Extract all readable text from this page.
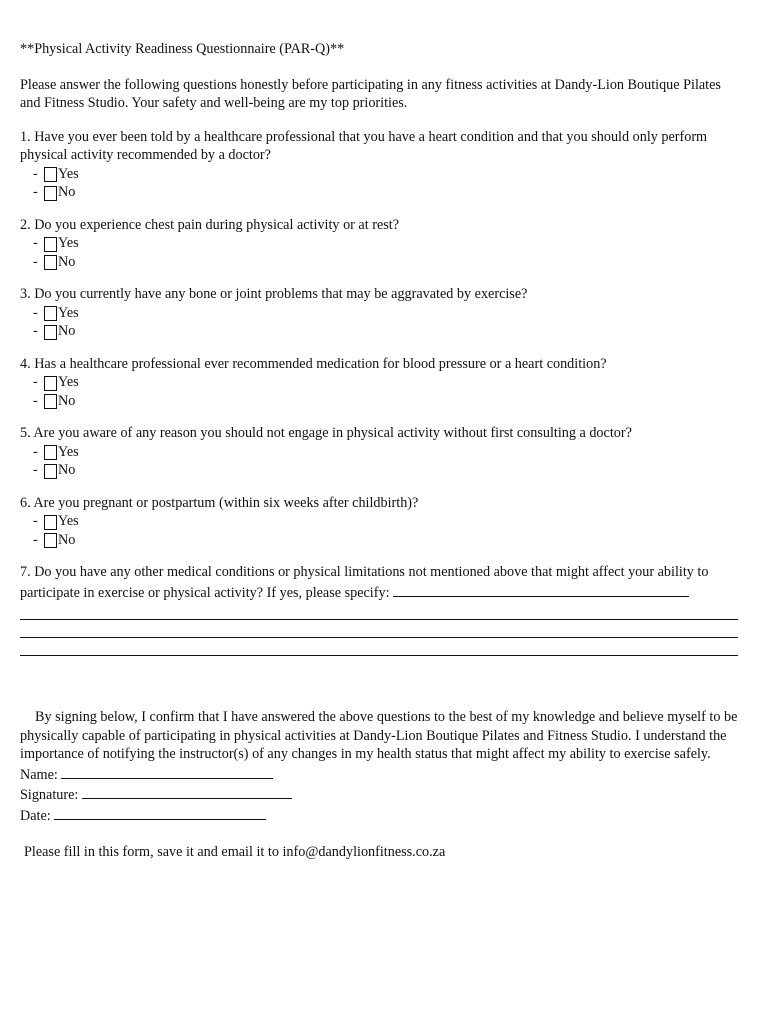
**Physical Activity Readiness Questionnaire (PAR-Q)**

Please answer the following questions honestly before participating in any fitness activities at Dandy-Lion Boutique Pilates and Fitness Studio. Your safety and well-being are my top priorities.

1. Have you ever been told by a healthcare professional that you have a heart condition and that you should only perform physical activity recommended by a doctor?

-	Yes
-	No

2. Do you experience chest pain during physical activity or at rest?

-	Yes
-	No

3. Do you currently have any bone or joint problems that may be aggravated by exercise?

-	Yes
-	No

4. Has a healthcare professional ever recommended medication for blood pressure or a heart condition?

-	Yes
-	No

5. Are you aware of any reason you should not engage in physical activity without first consulting a doctor?

-	Yes
-	No

6. Are you pregnant or postpartum (within six weeks after childbirth)?

-	Yes
-	No

7. Do you have any other medical conditions or physical limitations not mentioned above that might affect your ability to participate in exercise or physical activity? If yes, please specify:

By signing below, I confirm that I have answered the above questions to the best of my knowledge and believe myself to be physically capable of participating in physical activities at Dandy-Lion Boutique Pilates and Fitness Studio. I understand the importance of notifying the instructor(s) of any changes in my health status that might affect my ability to exercise safely.

Name:

Signature:

Date:

Please fill in this form, save it and email it to info@dandylionfitness.co.za
